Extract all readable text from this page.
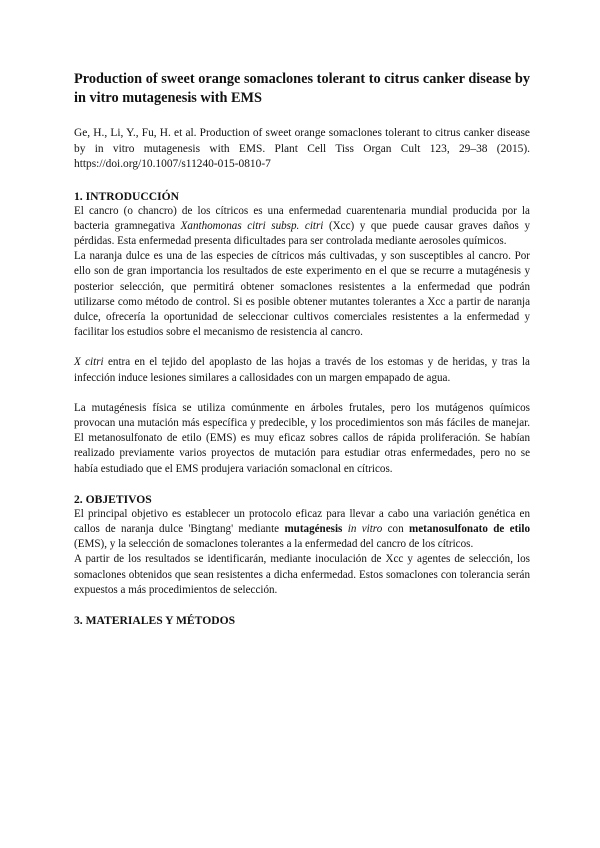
Production of sweet orange somaclones tolerant to citrus canker disease by in vitro mutagenesis with EMS

Ge, H., Li, Y., Fu, H. et al. Production of sweet orange somaclones tolerant to citrus canker disease by in vitro mutagenesis with EMS. Plant Cell Tiss Organ Cult 123, 29–38 (2015). https://doi.org/10.1007/s11240-015-0810-7

1. INTRODUCCIÓN

El cancro (o chancro) de los cítricos es una enfermedad cuarentenaria mundial producida por la bacteria gramnegativa Xanthomonas citri subsp. citri (Xcc) y que puede causar graves daños y pérdidas. Esta enfermedad presenta dificultades para ser controlada mediante aerosoles químicos.

La naranja dulce es una de las especies de cítricos más cultivadas, y son susceptibles al cancro. Por ello son de gran importancia los resultados de este experimento en el que se recurre a mutagénesis y posterior selección, que permitirá obtener somaclones resistentes a la enfermedad que podrán utilizarse como método de control. Si es posible obtener mutantes tolerantes a Xcc a partir de naranja dulce, ofrecería la oportunidad de seleccionar cultivos comerciales resistentes a la enfermedad y facilitar los estudios sobre el mecanismo de resistencia al cancro.

X citri entra en el tejido del apoplasto de las hojas a través de los estomas y de heridas, y tras la infección induce lesiones similares a callosidades con un margen empapado de agua.

La mutagénesis física se utiliza comúnmente en árboles frutales, pero los mutágenos químicos provocan una mutación más específica y predecible, y los procedimientos son más fáciles de manejar. El metanosulfonato de etilo (EMS) es muy eficaz sobres callos de rápida proliferación. Se habían realizado previamente varios proyectos de mutación para estudiar otras enfermedades, pero no se había estudiado que el EMS produjera variación somaclonal en cítricos.

2. OBJETIVOS

El principal objetivo es establecer un protocolo eficaz para llevar a cabo una variación genética en callos de naranja dulce 'Bingtang' mediante mutagénesis in vitro con metanosulfonato de etilo (EMS), y la selección de somaclones tolerantes a la enfermedad del cancro de los cítricos.

A partir de los resultados se identificarán, mediante inoculación de Xcc y agentes de selección, los somaclones obtenidos que sean resistentes a dicha enfermedad. Estos somaclones con tolerancia serán expuestos a más procedimientos de selección.

3. MATERIALES Y MÉTODOS
